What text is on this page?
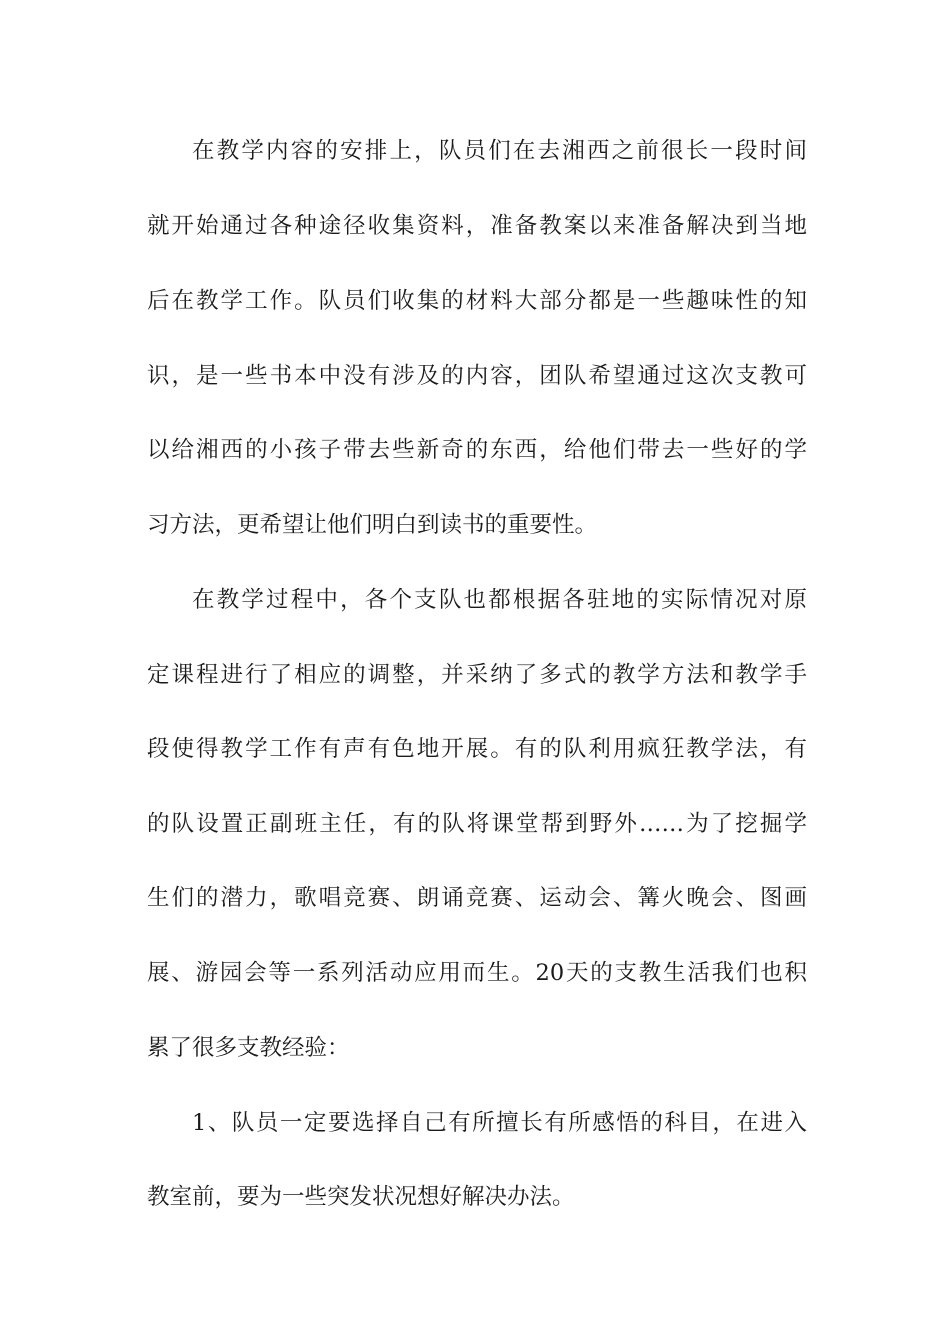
在教学内容的安排上，队员们在去湘西之前很长一段时间
就开始通过各种途径收集资料，准备教案以来准备解决到当地
后在教学工作。队员们收集的材料大部分都是一些趣味性的知
识，是一些书本中没有涉及的内容，团队希望通过这次支教可
以给湘西的小孩子带去些新奇的东西，给他们带去一些好的学
习方法，更希望让他们明白到读书的重要性。
在教学过程中，各个支队也都根据各驻地的实际情况对原
定课程进行了相应的调整，并采纳了多式的教学方法和教学手
段使得教学工作有声有色地开展。有的队利用疯狂教学法，有
的队设置正副班主任，有的队将课堂帮到野外……为了挖掘学
生们的潜力，歌唱竞赛、朗诵竞赛、运动会、篝火晚会、图画
展、游园会等一系列活动应用而生。20天的支教生活我们也积
累了很多支教经验：
1、队员一定要选择自己有所擅长有所感悟的科目，在进入
教室前，要为一些突发状况想好解决办法。
